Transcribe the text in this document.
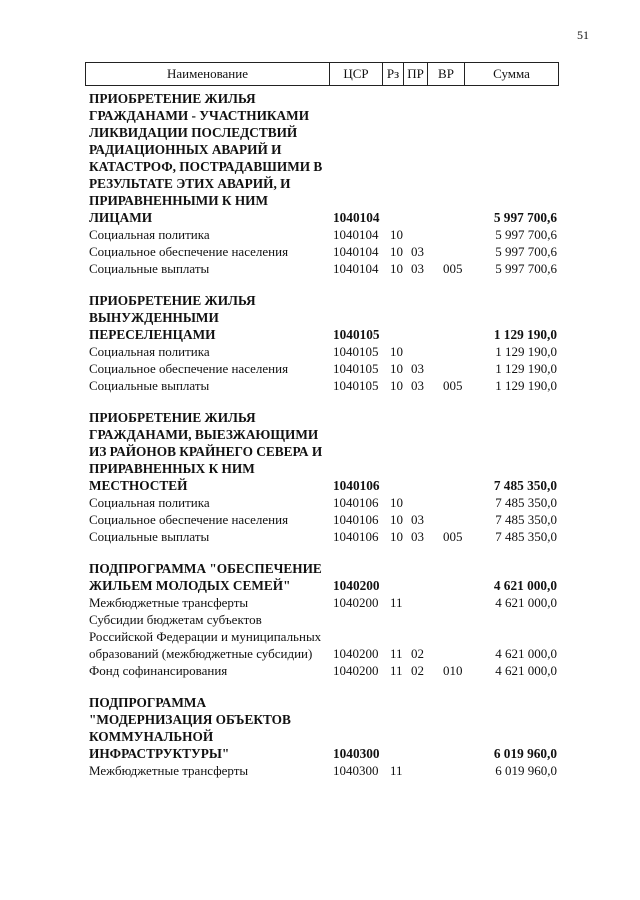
51
Наименование	ЦСР	Рз ПР	ВР	Сумма
ПРИОБРЕТЕНИЕ ЖИЛЬЯ ГРАЖДАНАМИ - УЧАСТНИКАМИ ЛИКВИДАЦИИ ПОСЛЕДСТВИЙ РАДИАЦИОННЫХ АВАРИЙ И КАТАСТРОФ, ПОСТРАДАВШИМИ В РЕЗУЛЬТАТЕ ЭТИХ АВАРИЙ, И ПРИРАВНЕННЫМИ К НИМ ЛИЦАМИ	1040104	5 997 700,6
Социальная политика	1040104 10	5 997 700,6
Социальное обеспечение населения	1040104 10 03	5 997 700,6
Социальные выплаты	1040104 10 03 005	5 997 700,6
ПРИОБРЕТЕНИЕ ЖИЛЬЯ ВЫНУЖДЕННЫМИ ПЕРЕСЕЛЕНЦАМИ	1040105	1 129 190,0
Социальная политика	1040105 10	1 129 190,0
Социальное обеспечение населения	1040105 10 03	1 129 190,0
Социальные выплаты	1040105 10 03 005	1 129 190,0
ПРИОБРЕТЕНИЕ ЖИЛЬЯ ГРАЖДАНАМИ, ВЫЕЗЖАЮЩИМИ ИЗ РАЙОНОВ КРАЙНЕГО СЕВЕРА И ПРИРАВНЕННЫХ К НИМ МЕСТНОСТЕЙ	1040106	7 485 350,0
Социальная политика	1040106 10	7 485 350,0
Социальное обеспечение населения	1040106 10 03	7 485 350,0
Социальные выплаты	1040106 10 03 005	7 485 350,0
ПОДПРОГРАММА "ОБЕСПЕЧЕНИЕ ЖИЛЬЕМ МОЛОДЫХ СЕМЕЙ"	1040200	4 621 000,0
Межбюджетные трансферты	1040200 11	4 621 000,0
Субсидии бюджетам субъектов Российской Федерации и муниципальных образований (межбюджетные субсидии)	1040200 11 02	4 621 000,0
Фонд софинансирования	1040200 11 02 010	4 621 000,0
ПОДПРОГРАММА "МОДЕРНИЗАЦИЯ ОБЪЕКТОВ КОММУНАЛЬНОЙ ИНФРАСТРУКТУРЫ"	1040300	6 019 960,0
Межбюджетные трансферты	1040300 11	6 019 960,0
